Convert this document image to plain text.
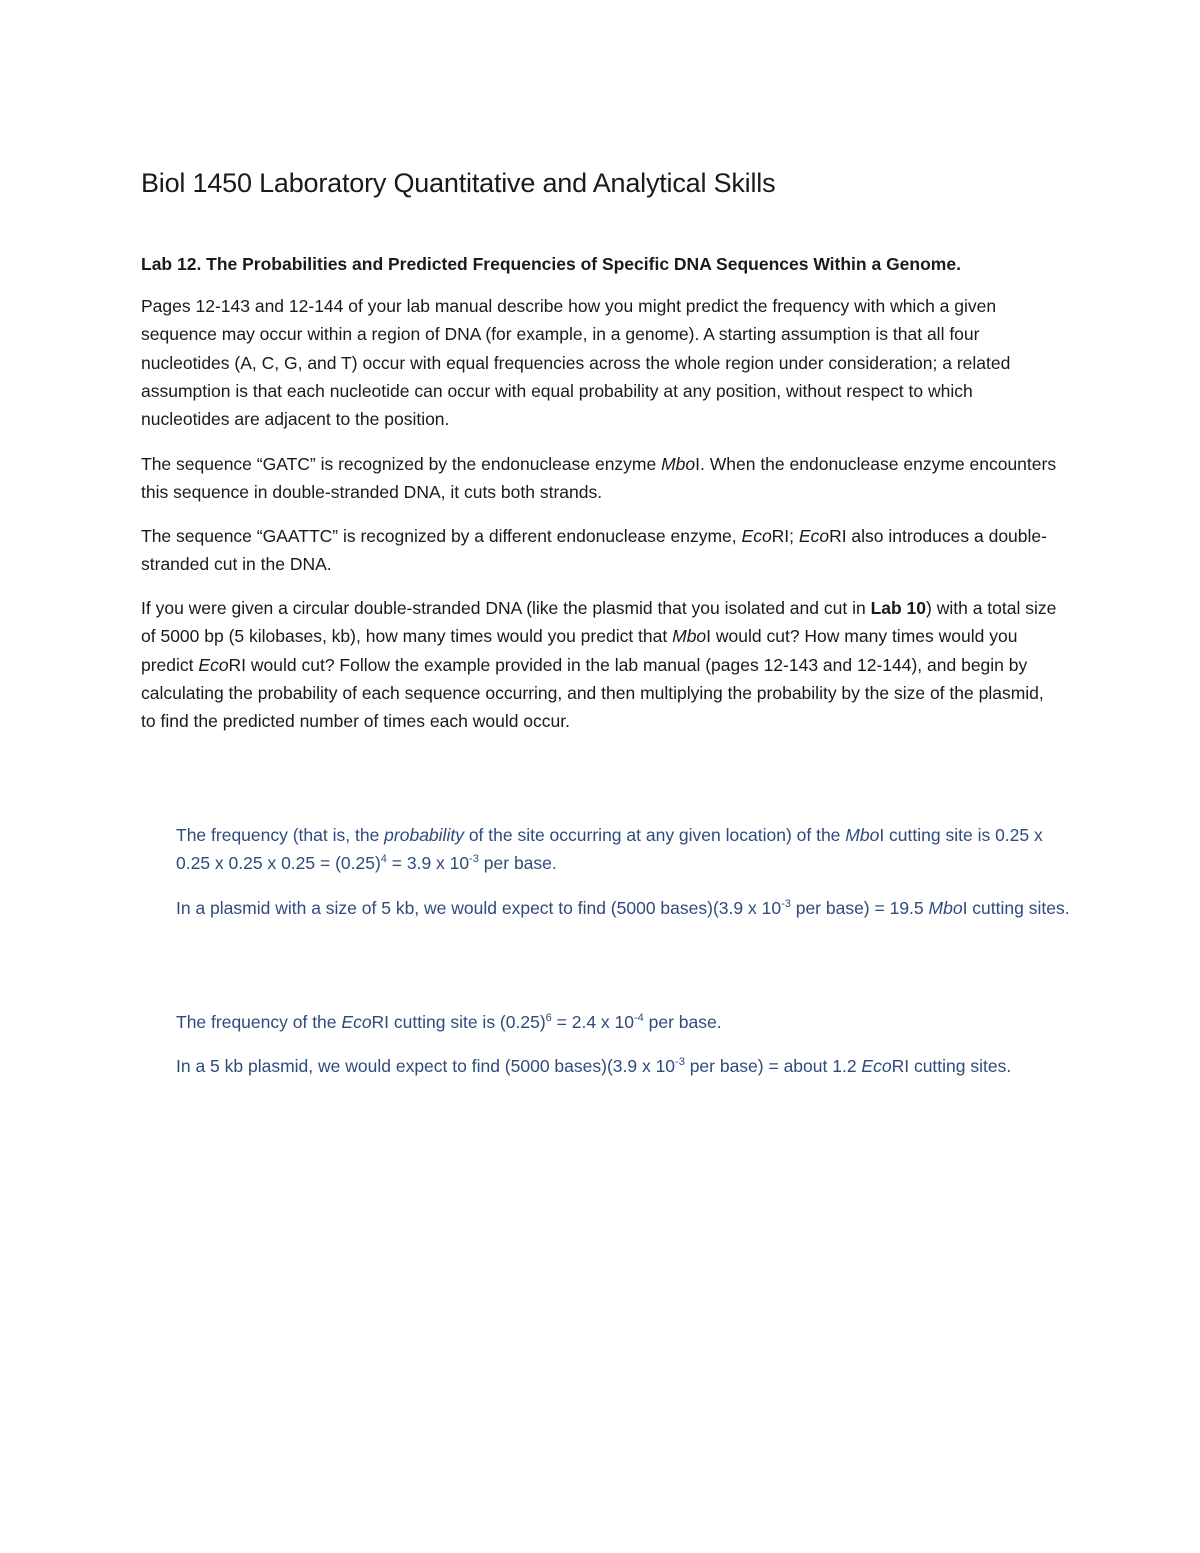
Biol 1450 Laboratory Quantitative and Analytical Skills
Lab 12. The Probabilities and Predicted Frequencies of Specific DNA Sequences Within a Genome.

Pages 12-143 and 12-144 of your lab manual describe how you might predict the frequency with which a given sequence may occur within a region of DNA (for example, in a genome). A starting assumption is that all four nucleotides (A, C, G, and T) occur with equal frequencies across the whole region under consideration; a related assumption is that each nucleotide can occur with equal probability at any position, without respect to which nucleotides are adjacent to the position.

The sequence “GATC” is recognized by the endonuclease enzyme MboI. When the endonuclease enzyme encounters this sequence in double-stranded DNA, it cuts both strands.

The sequence “GAATTC” is recognized by a different endonuclease enzyme, EcoRI; EcoRI also introduces a double-stranded cut in the DNA.

If you were given a circular double-stranded DNA (like the plasmid that you isolated and cut in Lab 10) with a total size of 5000 bp (5 kilobases, kb), how many times would you predict that MboI would cut? How many times would you predict EcoRI would cut? Follow the example provided in the lab manual (pages 12-143 and 12-144), and begin by calculating the probability of each sequence occurring, and then multiplying the probability by the size of the plasmid, to find the predicted number of times each would occur.

The frequency (that is, the probability of the site occurring at any given location) of the MboI cutting site is 0.25 x 0.25 x 0.25 x $0.25 = (0.25)^4 = 3.9$ x $10^{-3}$ per base.

In a plasmid with a size of 5 kb, we would expect to find (5000 bases)(3.9 x $10^{-3}$ per base) = 19.5 MboI cutting sites.

The frequency of the EcoRI cutting site is $(0.25)^6 = 2.4$ x $10^{-4}$ per base.

In a 5 kb plasmid, we would expect to find (5000 bases)(3.9 x $10^{-3}$ per base) = about 1.2 EcoRI cutting sites.
